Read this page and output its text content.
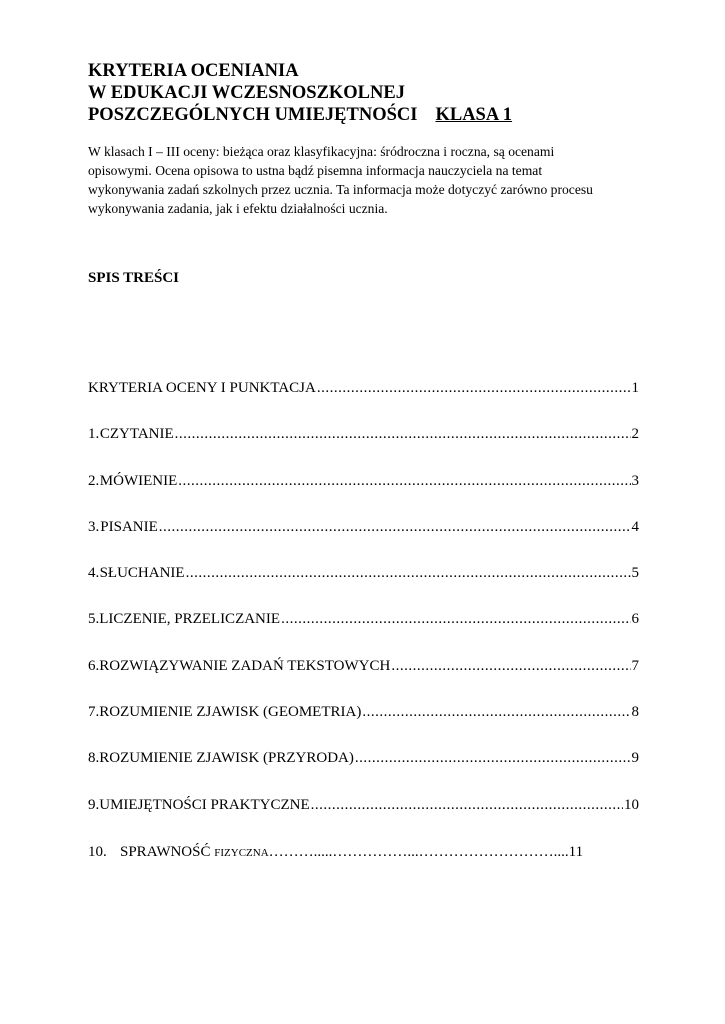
KRYTERIA OCENIANIA
W EDUKACJI WCZESNOSZKOLNEJ
POSZCZEGÓLNYCH UMIEJĘTNOŚCI KLASA 1
W klasach I – III oceny: bieżąca oraz klasyfikacyjna: śródroczna i roczna, są ocenami
opisowymi. Ocena opisowa to ustna bądź pisemna informacja nauczyciela na temat
wykonywania zadań szkolnych przez ucznia. Ta informacja może dotyczyć zarówno procesu
wykonywania zadania, jak i efektu działalności ucznia.
SPIS TREŚCI
KRYTERIA OCENY I PUNKTACJA .....	1
1. CZYTANIE .....	2
2. MÓWIENIE .....	3
3. PISANIE .....	4
4. SŁUCHANIE .....	5
5. LICZENIE, PRZELICZANIE .....	6
6. ROZWIĄZYWANIE ZADAŃ TEKSTOWYCH .....	7
7. ROZUMIENIE ZJAWISK (GEOMETRIA) .....	8
8. ROZUMIENIE ZJAWISK (PRZYRODA) .....	9
9. UMIEJĘTNOŚCI PRAKTYCZNE .....	10
10. SPRAWNOŚĆ FIZYCZNA ……….....……………...……………………….... 11
